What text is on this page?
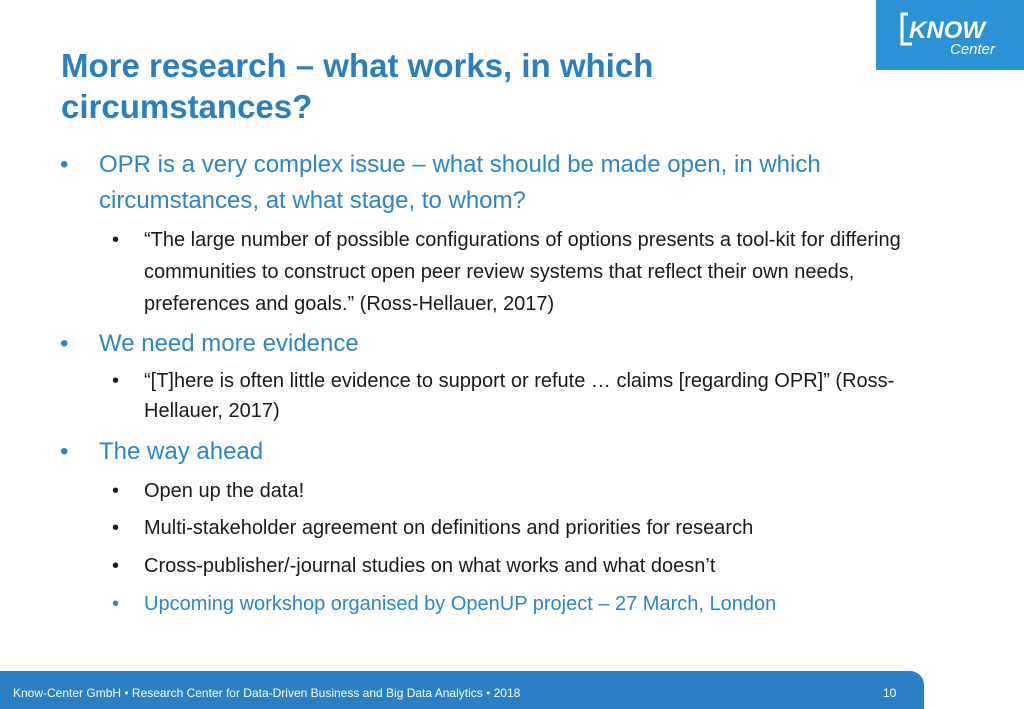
KNOW
Center
More research – what works, in which circumstances?
• OPR is a very complex issue – what should be made open, in which circumstances, at what stage, to whom?
• “The large number of possible configurations of options presents a tool-kit for differing communities to construct open peer review systems that reflect their own needs, preferences and goals.” (Ross-Hellauer, 2017)
• We need more evidence
• “[T]here is often little evidence to support or refute … claims [regarding OPR]” (Ross-Hellauer, 2017)
• The way ahead
• Open up the data!
• Multi-stakeholder agreement on definitions and priorities for research
• Cross-publisher/-journal studies on what works and what doesn’t
• Upcoming workshop organised by OpenUP project – 27 March, London
Know-Center GmbH • Research Center for Data-Driven Business and Big Data Analytics • 2018	10
